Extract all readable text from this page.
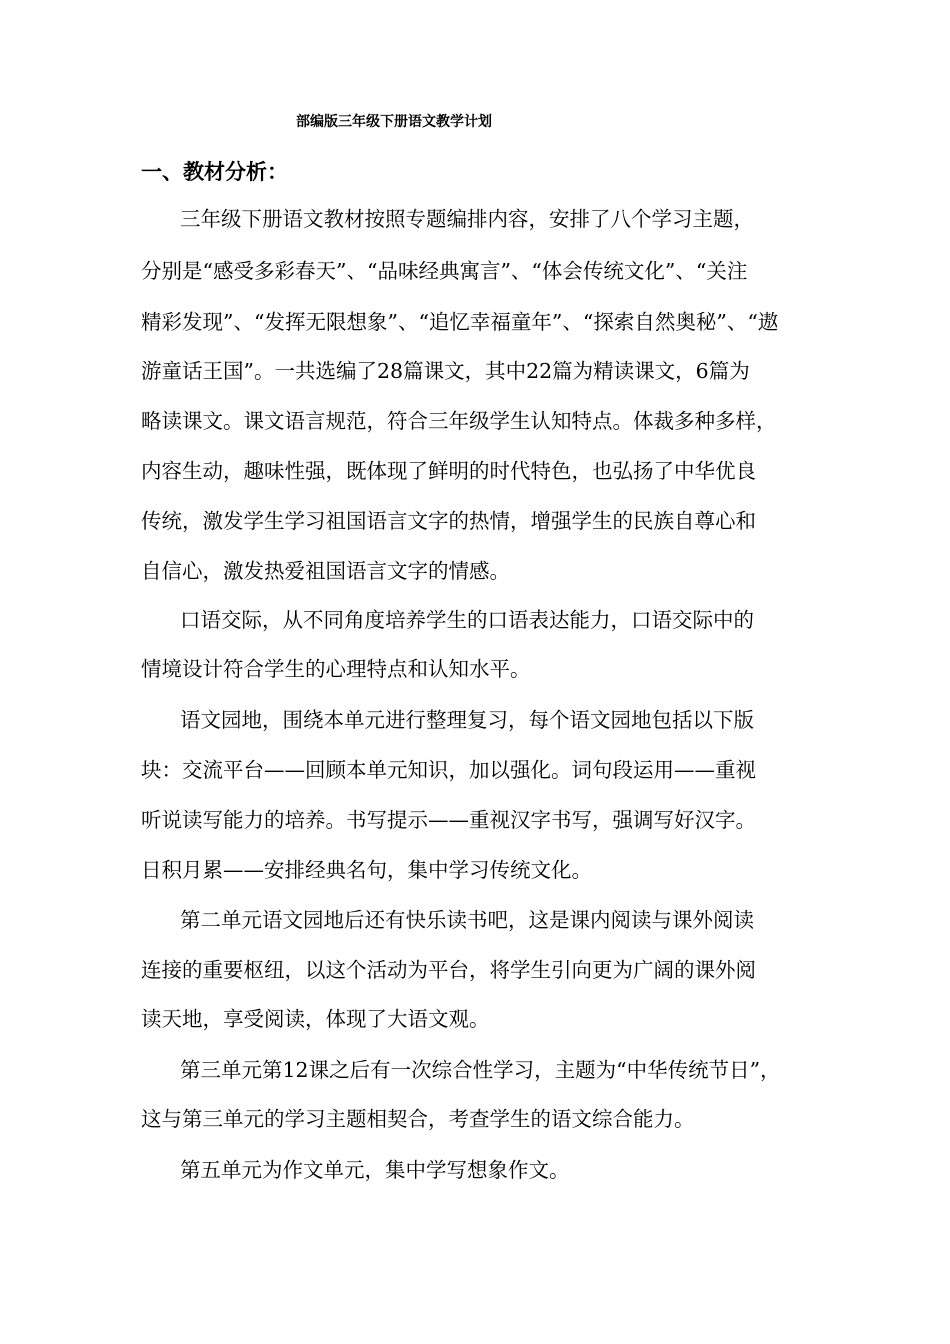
部编版三年级下册语文教学计划
一、教材分析：
三年级下册语文教材按照专题编排内容，安排了八个学习主题，
分别是“感受多彩春天”、“品味经典寓言”、“体会传统文化”、“关注
精彩发现”、“发挥无限想象”、“追忆幸福童年”、“探索自然奥秘”、“遨
游童话王国”。一共选编了28篇课文，其中22篇为精读课文，6篇为
略读课文。课文语言规范，符合三年级学生认知特点。体裁多种多样，
内容生动，趣味性强，既体现了鲜明的时代特色，也弘扬了中华优良
传统，激发学生学习祖国语言文字的热情，增强学生的民族自尊心和
自信心，激发热爱祖国语言文字的情感。
口语交际，从不同角度培养学生的口语表达能力，口语交际中的
情境设计符合学生的心理特点和认知水平。
语文园地，围绕本单元进行整理复习，每个语文园地包括以下版
块：交流平台——回顾本单元知识，加以强化。词句段运用——重视
听说读写能力的培养。书写提示——重视汉字书写，强调写好汉字。
日积月累——安排经典名句，集中学习传统文化。
第二单元语文园地后还有快乐读书吧，这是课内阅读与课外阅读
连接的重要枢纽，以这个活动为平台，将学生引向更为广阔的课外阅
读天地，享受阅读，体现了大语文观。
第三单元第12课之后有一次综合性学习，主题为“中华传统节日”，
这与第三单元的学习主题相契合，考查学生的语文综合能力。
第五单元为作文单元，集中学写想象作文。
